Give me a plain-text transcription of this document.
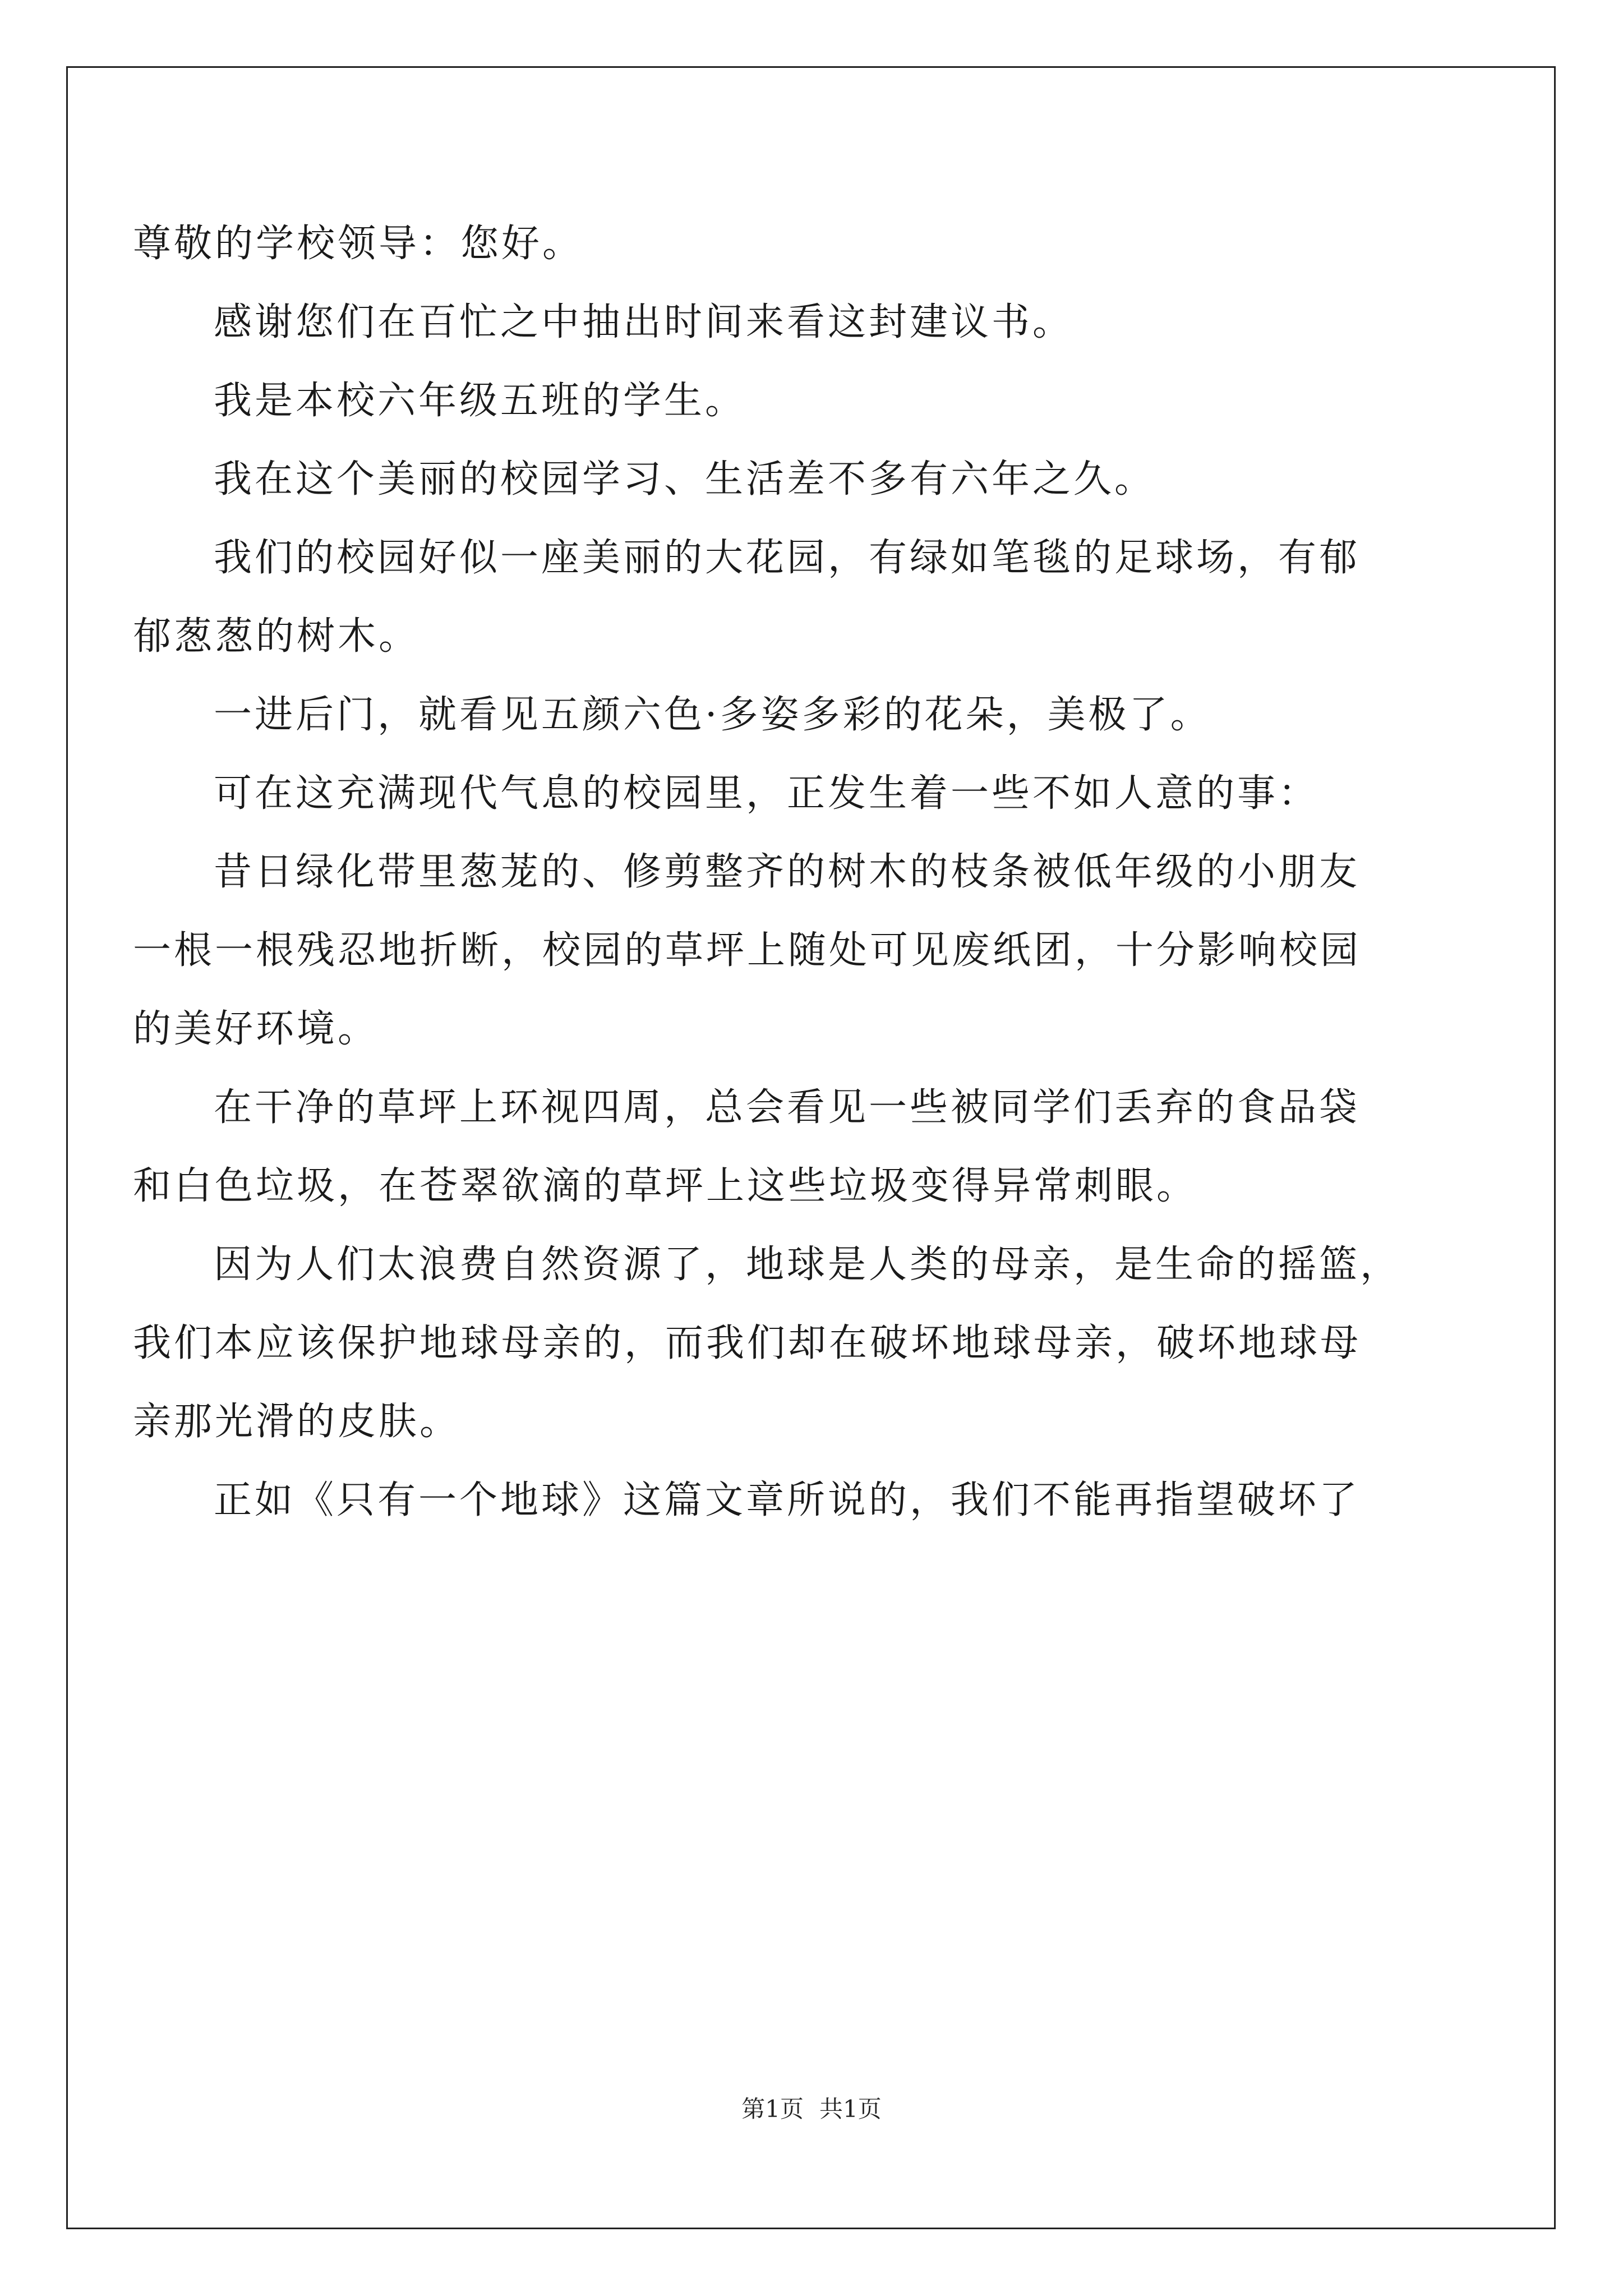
尊敬的学校领导：您好。
感谢您们在百忙之中抽出时间来看这封建议书。
我是本校六年级五班的学生。
我在这个美丽的校园学习、生活差不多有六年之久。
我们的校园好似一座美丽的大花园，有绿如笔毯的足球场，有郁
郁葱葱的树木。
一进后门，就看见五颜六色·多姿多彩的花朵，美极了。
可在这充满现代气息的校园里，正发生着一些不如人意的事：
昔日绿化带里葱茏的、修剪整齐的树木的枝条被低年级的小朋友
一根一根残忍地折断，校园的草坪上随处可见废纸团，十分影响校园
的美好环境。
在干净的草坪上环视四周，总会看见一些被同学们丢弃的食品袋
和白色垃圾，在苍翠欲滴的草坪上这些垃圾变得异常刺眼。
因为人们太浪费自然资源了，地球是人类的母亲，是生命的摇篮，
我们本应该保护地球母亲的，而我们却在破坏地球母亲，破坏地球母
亲那光滑的皮肤。
正如《只有一个地球》这篇文章所说的，我们不能再指望破坏了
第1页 共1页
